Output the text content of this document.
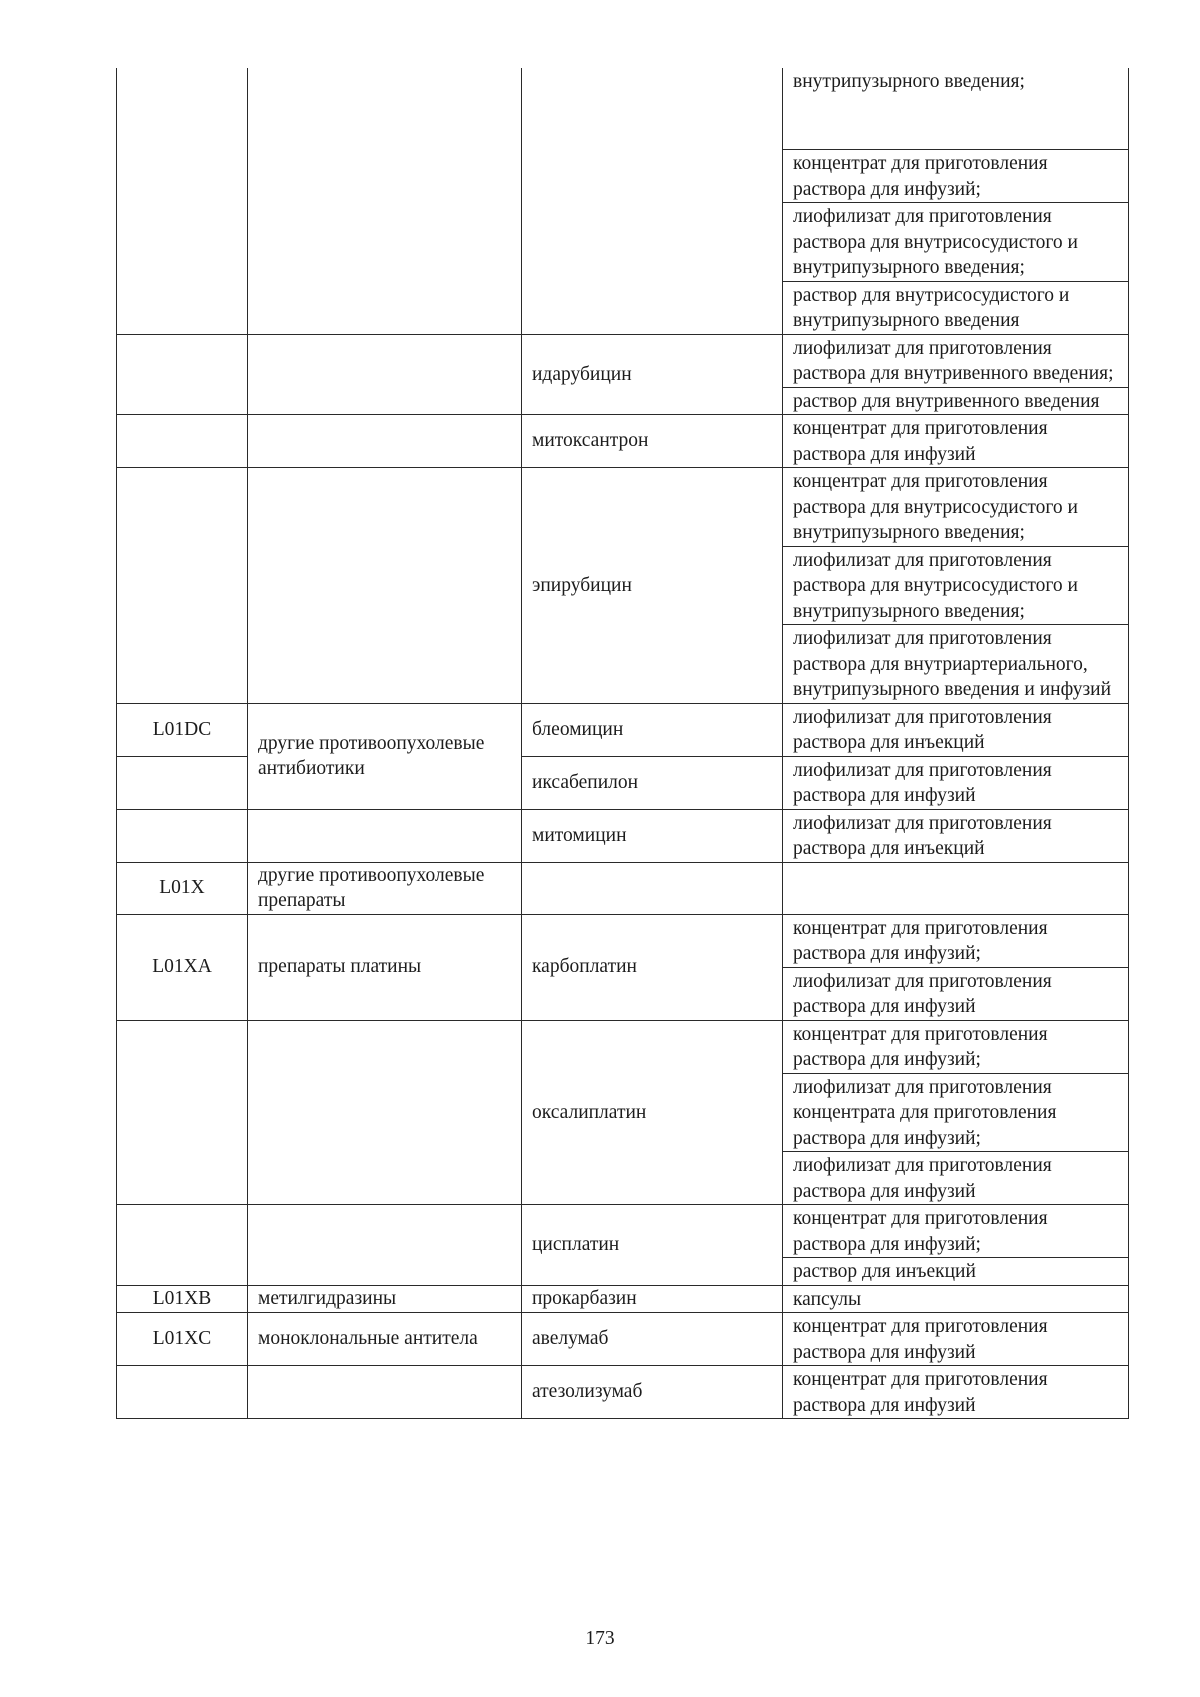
			внутрипузырного введения;
			концентрат для приготовления раствора для инфузий;
			лиофилизат для приготовления раствора для внутрисосудистого и внутрипузырного введения;
			раствор для внутрисосудистого и внутрипузырного введения
		идарубицин	лиофилизат для приготовления раствора для внутривенного введения;
			раствор для внутривенного введения
		митоксантрон	концентрат для приготовления раствора для инфузий
		эпирубицин	концентрат для приготовления раствора для внутрисосудистого и внутрипузырного введения;
			лиофилизат для приготовления раствора для внутрисосудистого и внутрипузырного введения;
			лиофилизат для приготовления раствора для внутриартериального, внутрипузырного введения и инфузий
L01DC	другие противоопухолевые антибиотики	блеомицин	лиофилизат для приготовления раствора для инъекций
		иксабепилон	лиофилизат для приготовления раствора для инфузий
		митомицин	лиофилизат для приготовления раствора для инъекций
L01X	другие противоопухолевые препараты		
L01XA	препараты платины	карбоплатин	концентрат для приготовления раствора для инфузий;
			лиофилизат для приготовления раствора для инфузий
		оксалиплатин	концентрат для приготовления раствора для инфузий;
			лиофилизат для приготовления концентрата для приготовления раствора для инфузий;
			лиофилизат для приготовления раствора для инфузий
		цисплатин	концентрат для приготовления раствора для инфузий;
			раствор для инъекций
L01XB	метилгидразины	прокарбазин	капсулы
L01XC	моноклональные антитела	авелумаб	концентрат для приготовления раствора для инфузий
		атезолизумаб	концентрат для приготовления раствора для инфузий
173
